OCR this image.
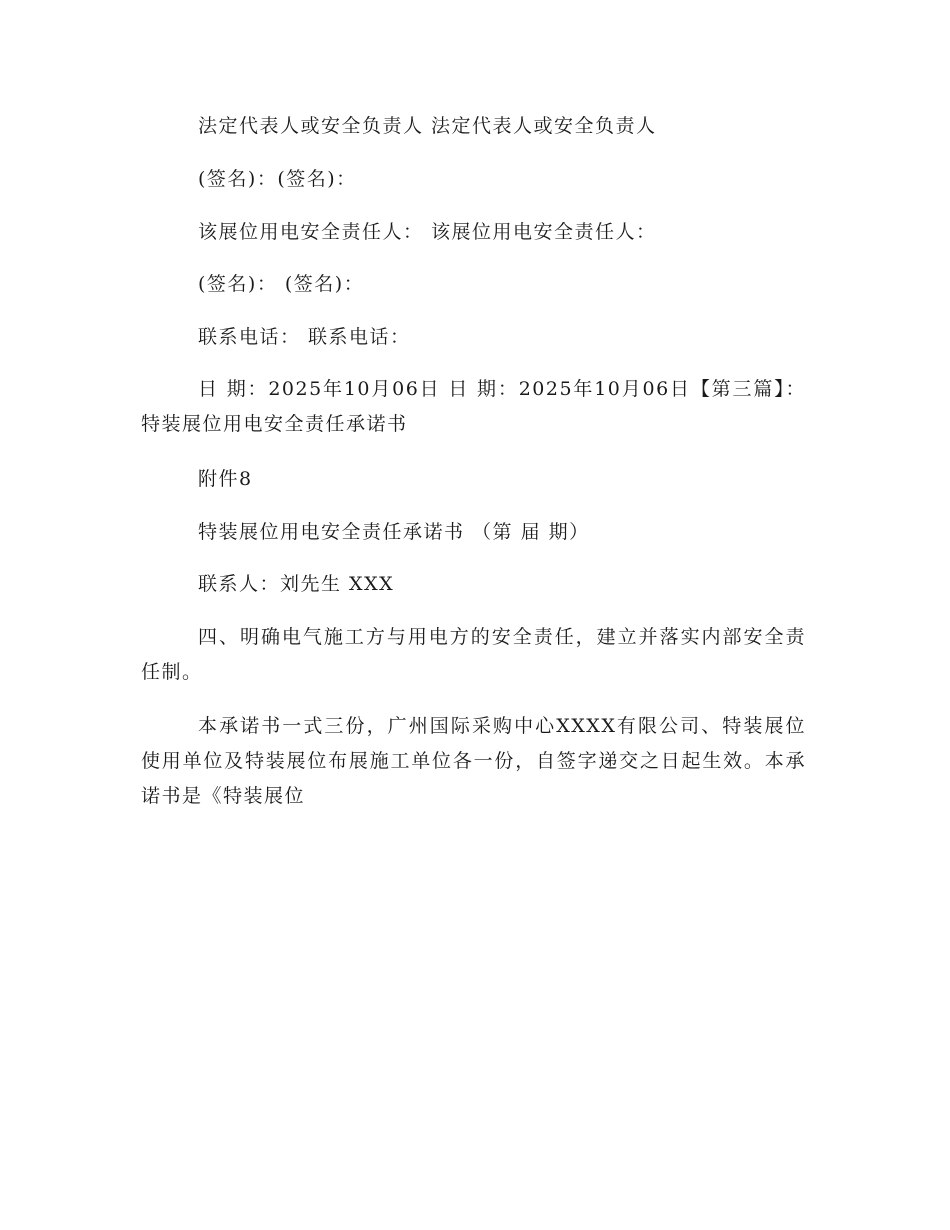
法定代表人或安全负责人 法定代表人或安全负责人
(签名)：(签名)：
该展位用电安全责任人： 该展位用电安全责任人：
(签名)： (签名)：
联系电话： 联系电话：
日 期：2025年10月06日 日 期：2025年10月06日【第三篇】：特装展位用电安全责任承诺书
附件8
特装展位用电安全责任承诺书 （第 届 期）
联系人：刘先生 XXX
四、明确电气施工方与用电方的安全责任，建立并落实内部安全责任制。
本承诺书一式三份，广州国际采购中心XXXX有限公司、特装展位使用单位及特装展位布展施工单位各一份，自签字递交之日起生效。本承诺书是《特装展位
